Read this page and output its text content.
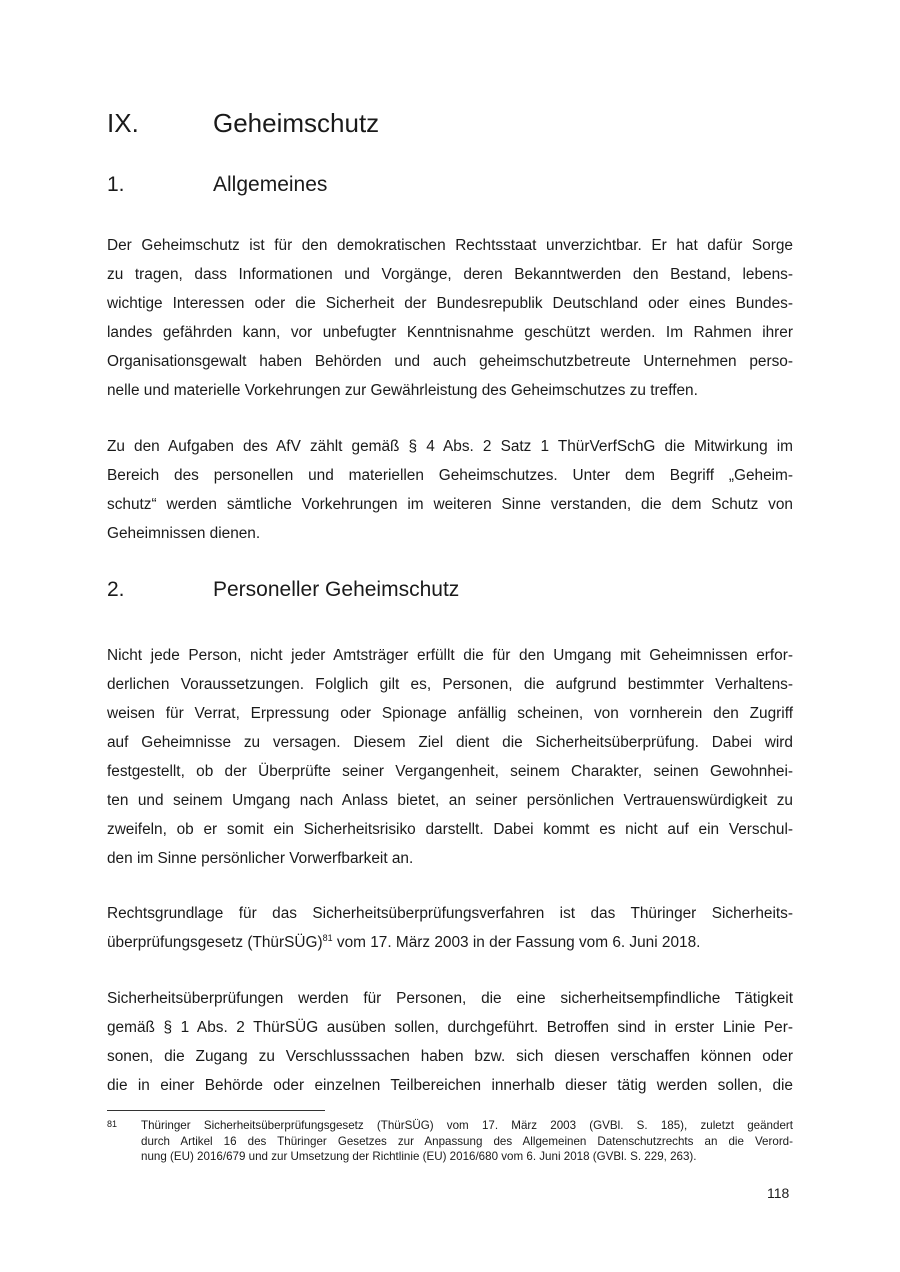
IX.	Geheimschutz
1.	Allgemeines

Der Geheimschutz ist für den demokratischen Rechtsstaat unverzichtbar. Er hat dafür Sorge
zu tragen, dass Informationen und Vorgänge, deren Bekanntwerden den Bestand, lebens-
wichtige Interessen oder die Sicherheit der Bundesrepublik Deutschland oder eines Bundes-
landes gefährden kann, vor unbefugter Kenntnisnahme geschützt werden. Im Rahmen ihrer
Organisationsgewalt haben Behörden und auch geheimschutzbetreute Unternehmen perso-
nelle und materielle Vorkehrungen zur Gewährleistung des Geheimschutzes zu treffen.

Zu den Aufgaben des AfV zählt gemäß § 4 Abs. 2 Satz 1 ThürVerfSchG die Mitwirkung im
Bereich des personellen und materiellen Geheimschutzes. Unter dem Begriff „Geheim-
schutz“ werden sämtliche Vorkehrungen im weiteren Sinne verstanden, die dem Schutz von
Geheimnissen dienen.

2.	Personeller Geheimschutz

Nicht jede Person, nicht jeder Amtsträger erfüllt die für den Umgang mit Geheimnissen erfor-
derlichen Voraussetzungen. Folglich gilt es, Personen, die aufgrund bestimmter Verhaltens-
weisen für Verrat, Erpressung oder Spionage anfällig scheinen, von vornherein den Zugriff
auf Geheimnisse zu versagen. Diesem Ziel dient die Sicherheitsüberprüfung. Dabei wird
festgestellt, ob der Überprüfte seiner Vergangenheit, seinem Charakter, seinen Gewohnhei-
ten und seinem Umgang nach Anlass bietet, an seiner persönlichen Vertrauenswürdigkeit zu
zweifeln, ob er somit ein Sicherheitsrisiko darstellt. Dabei kommt es nicht auf ein Verschul-
den im Sinne persönlicher Vorwerfbarkeit an.

Rechtsgrundlage für das Sicherheitsüberprüfungsverfahren ist das Thüringer Sicherheits-
überprüfungsgesetz (ThürSÜG)$^{81}$ vom 17. März 2003 in der Fassung vom 6. Juni 2018.

Sicherheitsüberprüfungen werden für Personen, die eine sicherheitsempfindliche Tätigkeit
gemäß § 1 Abs. 2 ThürSÜG ausüben sollen, durchgeführt. Betroffen sind in erster Linie Per-
sonen, die Zugang zu Verschlusssachen haben bzw. sich diesen verschaffen können oder
die in einer Behörde oder einzelnen Teilbereichen innerhalb dieser tätig werden sollen, die

81	Thüringer Sicherheitsüberprüfungsgesetz (ThürSÜG) vom 17. März 2003 (GVBl. S. 185), zuletzt geändert
durch Artikel 16 des Thüringer Gesetzes zur Anpassung des Allgemeinen Datenschutzrechts an die Verord-
nung (EU) 2016/679 und zur Umsetzung der Richtlinie (EU) 2016/680 vom 6. Juni 2018 (GVBl. S. 229, 263).
118
